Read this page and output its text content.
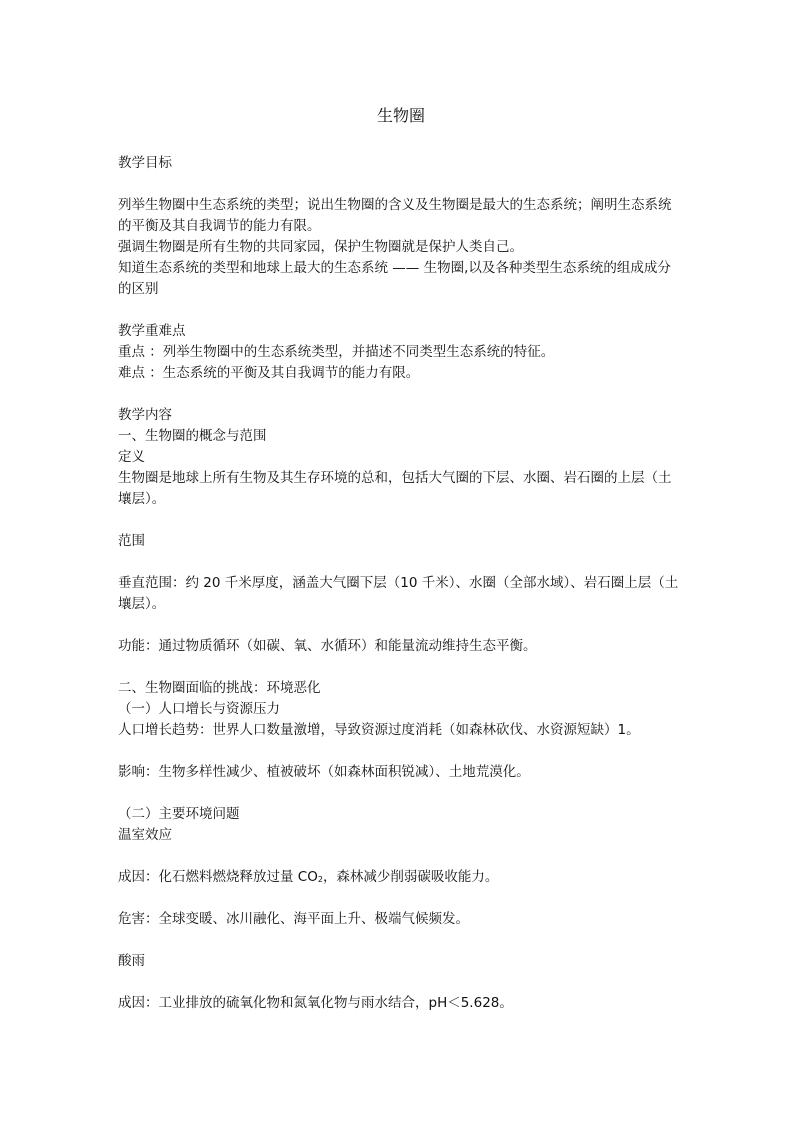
生物圈

教学目标

列举生物圈中生态系统的类型；说出生物圈的含义及生物圈是最大的生态系统；阐明生态系统的平衡及其自我调节的能力有限。

强调生物圈是所有生物的共同家园，保护生物圈就是保护人类自己。

知道生态系统的类型和地球上最大的生态系统 —— 生物圈,以及各种类型生态系统的组成成分的区别

教学重难点

重点 ：列举生物圈中的生态系统类型，并描述不同类型生态系统的特征。

难点 ：生态系统的平衡及其自我调节的能力有限。

教学内容

一、生物圈的概念与范围

定义

生物圈是地球上所有生物及其生存环境的总和，包括大气圈的下层、水圈、岩石圈的上层（土壤层）。

范围

垂直范围：约 20 千米厚度，涵盖大气圈下层（10 千米）、水圈（全部水域）、岩石圈上层（土壤层）。

功能：通过物质循环（如碳、氧、水循环）和能量流动维持生态平衡。

二、生物圈面临的挑战：环境恶化

（一）人口增长与资源压力

人口增长趋势：世界人口数量激增，导致资源过度消耗（如森林砍伐、水资源短缺）1。

影响：生物多样性减少、植被破坏（如森林面积锐减）、土地荒漠化。

（二）主要环境问题

温室效应

成因：化石燃料燃烧释放过量 $CO_2$，森林减少削弱碳吸收能力。

危害：全球变暖、冰川融化、海平面上升、极端气候频发。

酸雨

成因：工业排放的硫氧化物和氮氧化物与雨水结合，pH＜5.628。
